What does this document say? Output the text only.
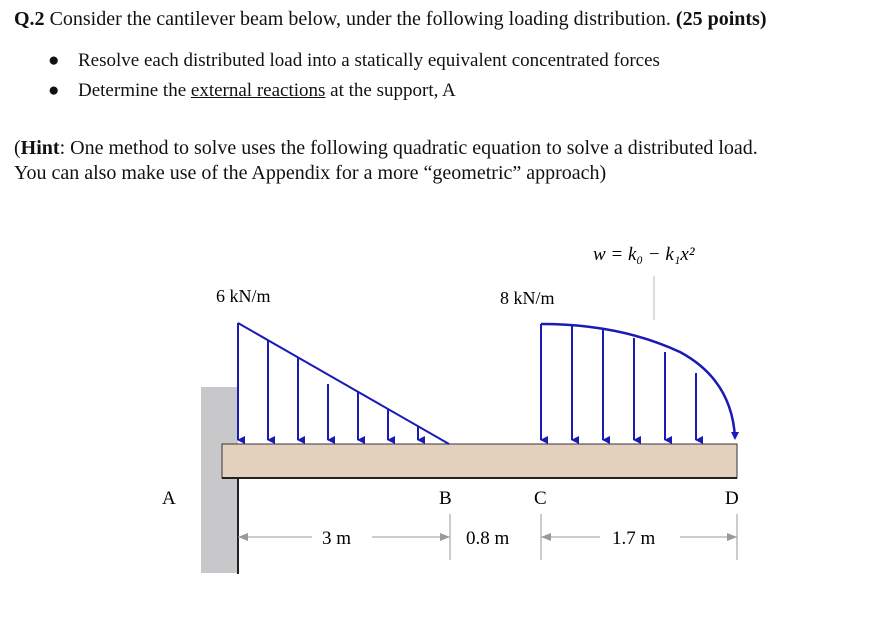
Q.2 Consider the cantilever beam below, under the following loading distribution. (25 points)
● Resolve each distributed load into a statically equivalent concentrated forces
● Determine the external reactions at the support, A
(Hint: One method to solve uses the following quadratic equation to solve a distributed load.
You can also make use of the Appendix for a more “geometric” approach)
w = k₀ − k₁x²
6 kN/m	8 kN/m
A	B	C	D
3 m	0.8 m	1.7 m
